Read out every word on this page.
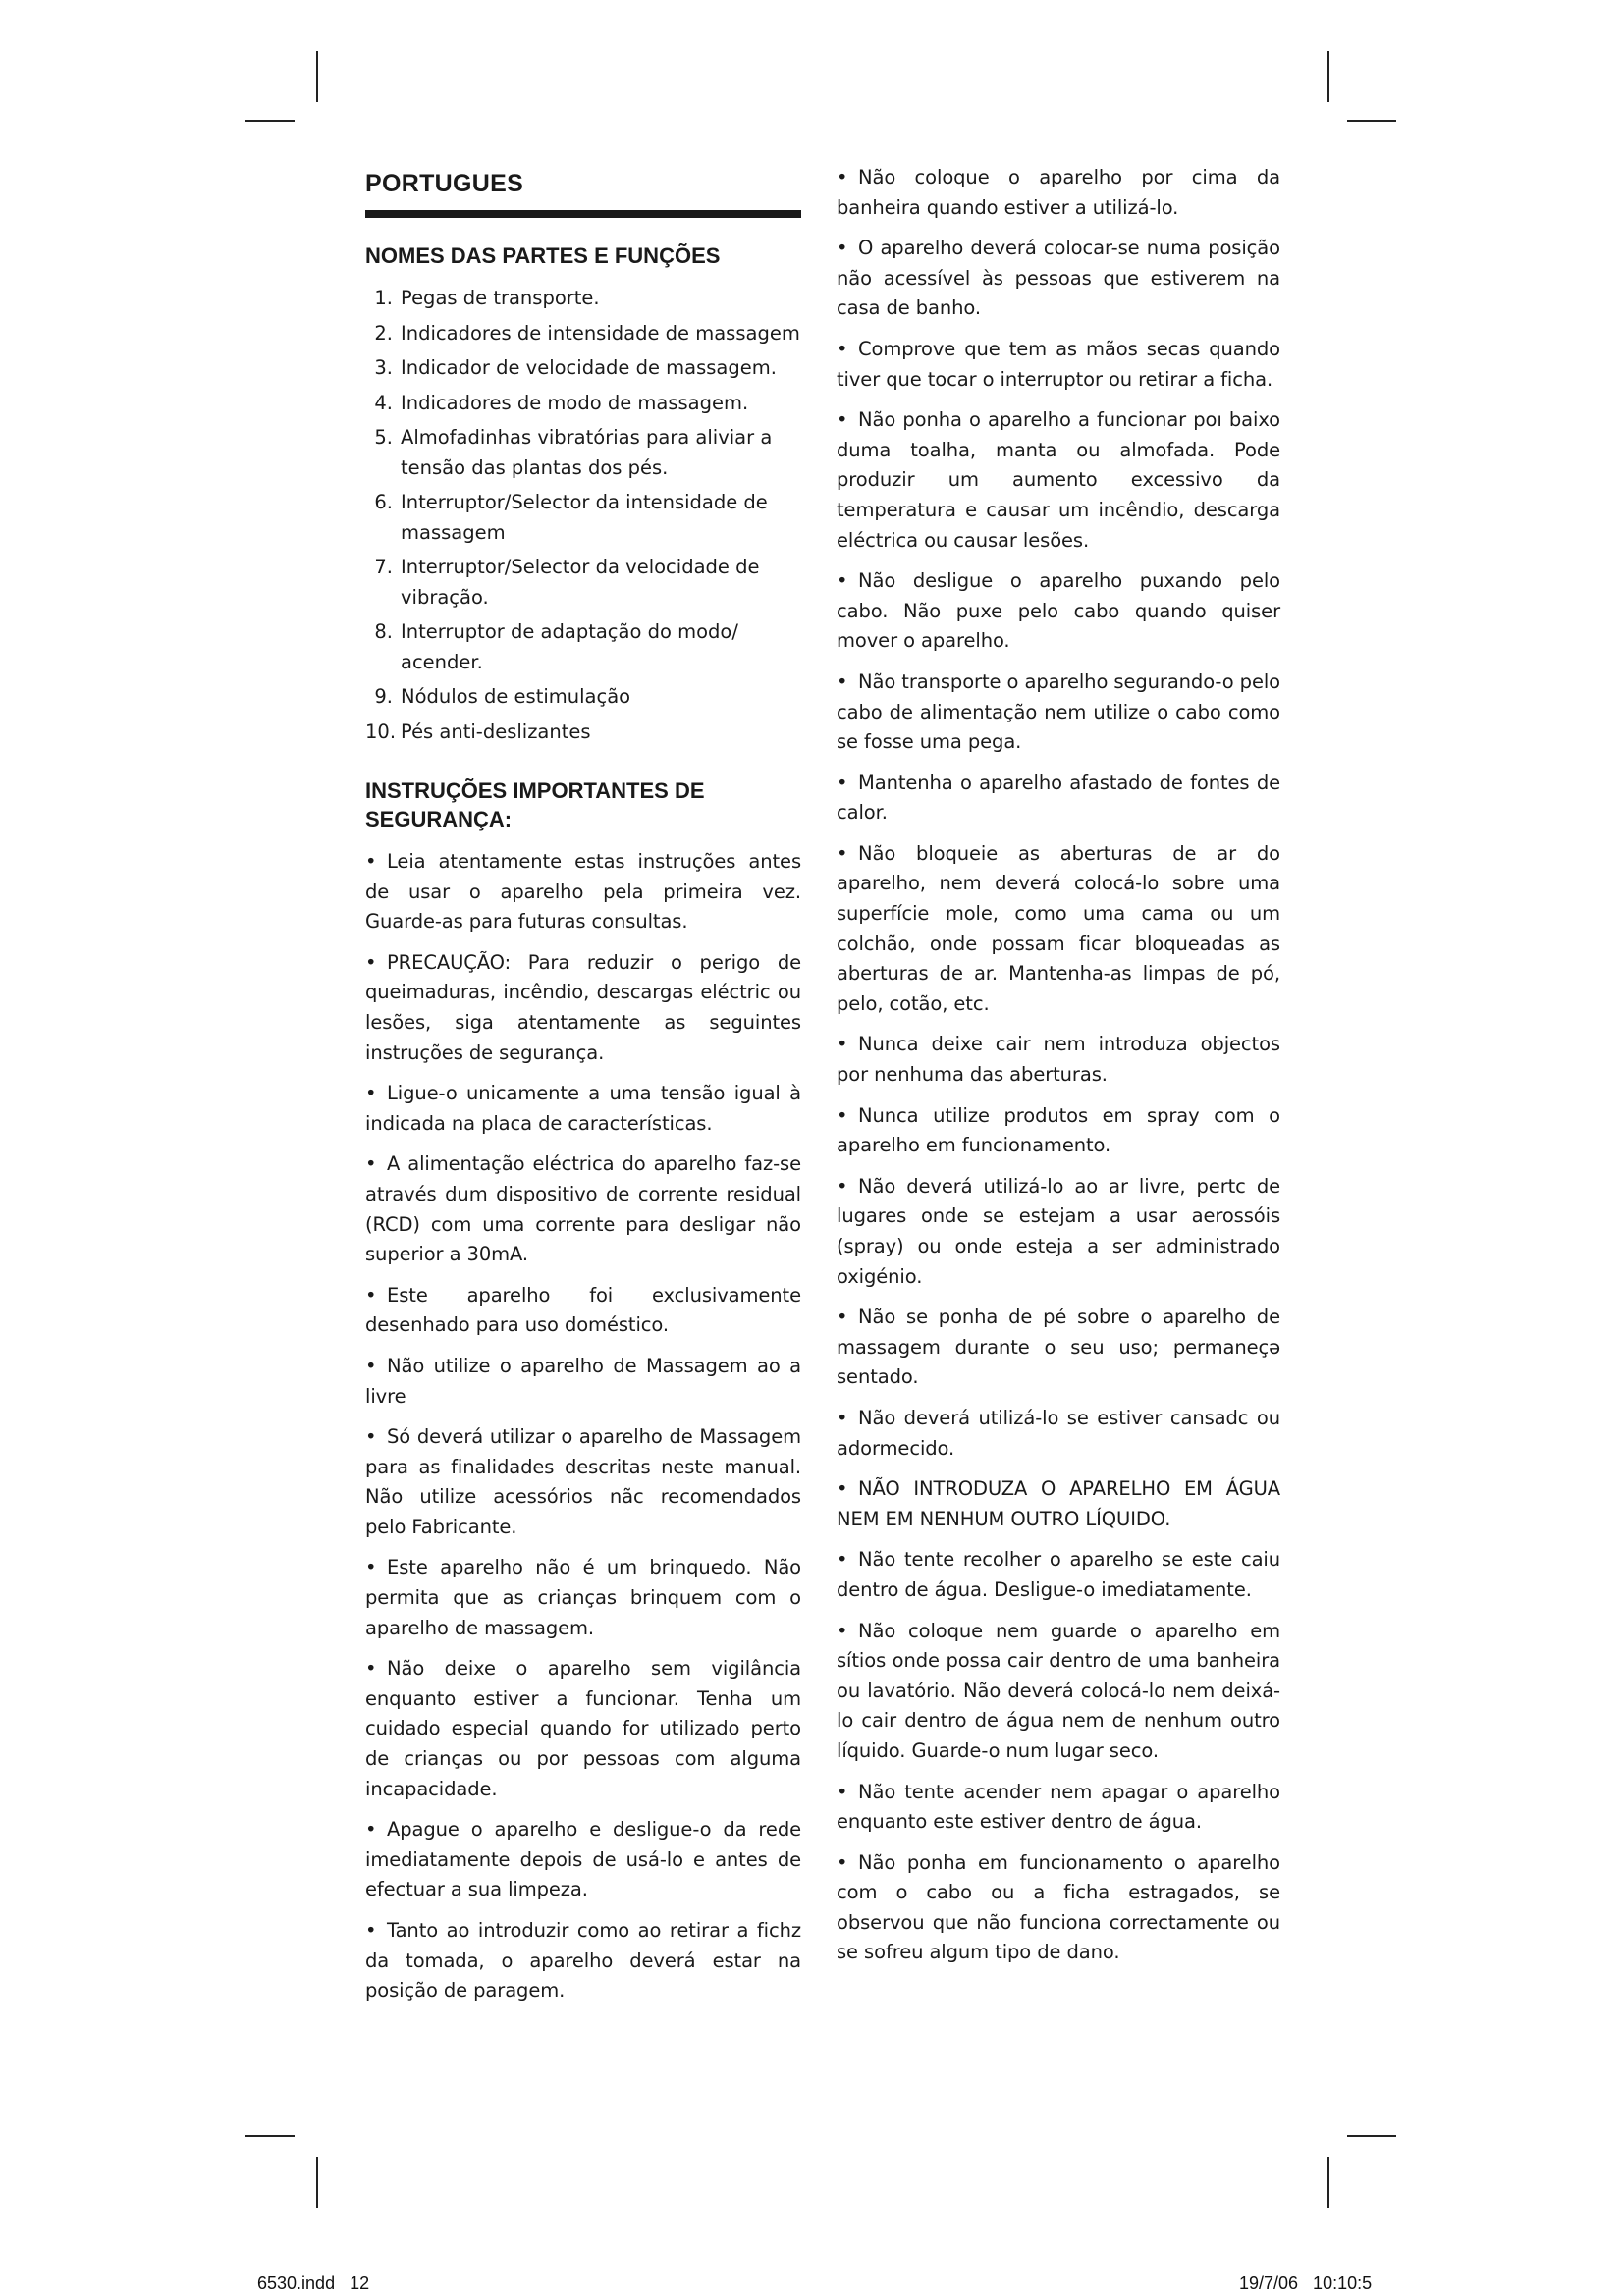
PORTUGUES
NOMES DAS PARTES E FUNÇÕES
1. Pegas de transporte.
2. Indicadores de intensidade de massagem
3. Indicador de velocidade de massagem.
4. Indicadores de modo de massagem.
5. Almofadinhas vibratórias para aliviar a tensão das plantas dos pés.
6. Interruptor/Selector da intensidade de massagem
7. Interruptor/Selector da velocidade de vibração.
8. Interruptor de adaptação do modo/ acender.
9. Nódulos de estimulação
10. Pés anti-deslizantes
INSTRUÇÕES IMPORTANTES DE SEGURANÇA:
• Leia atentamente estas instruções antes de usar o aparelho pela primeira vez. Guarde-as para futuras consultas.
• PRECAUÇÃO: Para reduzir o perigo de queimaduras, incêndio, descargas eléctric ou lesões, siga atentamente as seguintes instruções de segurança.
• Ligue-o unicamente a uma tensão igual à indicada na placa de características.
• A alimentação eléctrica do aparelho faz-se através dum dispositivo de corrente residual (RCD) com uma corrente para desligar não superior a 30mA.
• Este aparelho foi exclusivamente desenhado para uso doméstico.
• Não utilize o aparelho de Massagem ao a livre
• Só deverá utilizar o aparelho de Massagem para as finalidades descritas neste manual. Não utilize acessórios nãc recomendados pelo Fabricante.
• Este aparelho não é um brinquedo. Não permita que as crianças brinquem com o aparelho de massagem.
• Não deixe o aparelho sem vigilância enquanto estiver a funcionar. Tenha um cuidado especial quando for utilizado perto de crianças ou por pessoas com alguma incapacidade.
• Apague o aparelho e desligue-o da rede imediatamente depois de usá-lo e antes de efectuar a sua limpeza.
• Tanto ao introduzir como ao retirar a fichz da tomada, o aparelho deverá estar na posição de paragem.
• Não coloque o aparelho por cima da banheira quando estiver a utilizá-lo.
• O aparelho deverá colocar-se numa posição não acessível às pessoas que estiverem na casa de banho.
• Comprove que tem as mãos secas quando tiver que tocar o interruptor ou retirar a ficha.
• Não ponha o aparelho a funcionar poı baixo duma toalha, manta ou almofada. Pode produzir um aumento excessivo da temperatura e causar um incêndio, descarga eléctrica ou causar lesões.
• Não desligue o aparelho puxando pelo cabo. Não puxe pelo cabo quando quiser mover o aparelho.
• Não transporte o aparelho segurando-o pelo cabo de alimentação nem utilize o cabo como se fosse uma pega.
• Mantenha o aparelho afastado de fontes de calor.
• Não bloqueie as aberturas de ar do aparelho, nem deverá colocá-lo sobre uma superfície mole, como uma cama ou um colchão, onde possam ficar bloqueadas as aberturas de ar. Mantenha-as limpas de pó, pelo, cotão, etc.
• Nunca deixe cair nem introduza objectos por nenhuma das aberturas.
• Nunca utilize produtos em spray com o aparelho em funcionamento.
• Não deverá utilizá-lo ao ar livre, pertc de lugares onde se estejam a usar aerossóis (spray) ou onde esteja a ser administrado oxigénio.
• Não se ponha de pé sobre o aparelho de massagem durante o seu uso; permaneçə sentado.
• Não deverá utilizá-lo se estiver cansadc ou adormecido.
• NÃO INTRODUZA O APARELHO EM ÁGUA NEM EM NENHUM OUTRO LÍQUIDO.
• Não tente recolher o aparelho se este caiu dentro de água. Desligue-o imediatamente.
• Não coloque nem guarde o aparelho em sítios onde possa cair dentro de uma banheira ou lavatório. Não deverá colocá-lo nem deixá-lo cair dentro de água nem de nenhum outro líquido. Guarde-o num lugar seco.
• Não tente acender nem apagar o aparelho enquanto este estiver dentro de água.
• Não ponha em funcionamento o aparelho com o cabo ou a ficha estragados, se observou que não funciona correctamente ou se sofreu algum tipo de dano.
6530.indd   12	19/7/06   10:10:5
